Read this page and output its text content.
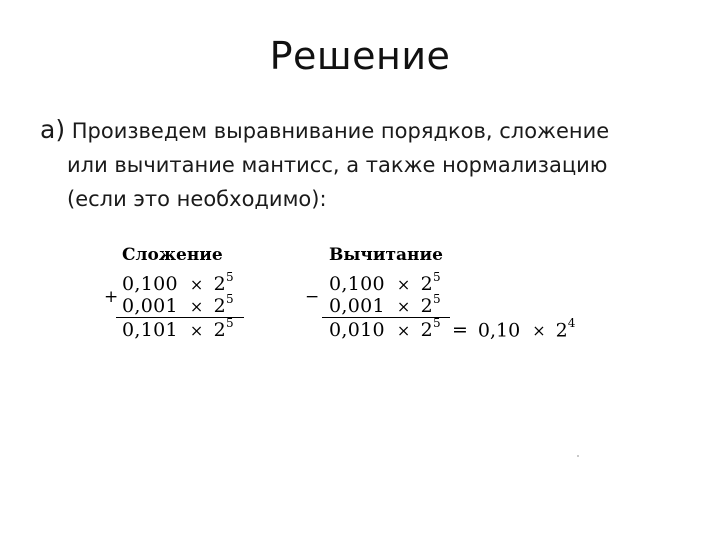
Решение
а) Произведем выравнивание порядков, сложение
или вычитание мантисс, а также нормализацию
(если это необходимо):
Сложение
$0,100 \times 2^5$
+ $0,001 \times 2^5$
$0,101 \times 2^5$
Вычитание
$0,100 \times 2^5$
− $0,001 \times 2^5$
$0,010 \times 2^5 = 0,10 \times 2^4$
